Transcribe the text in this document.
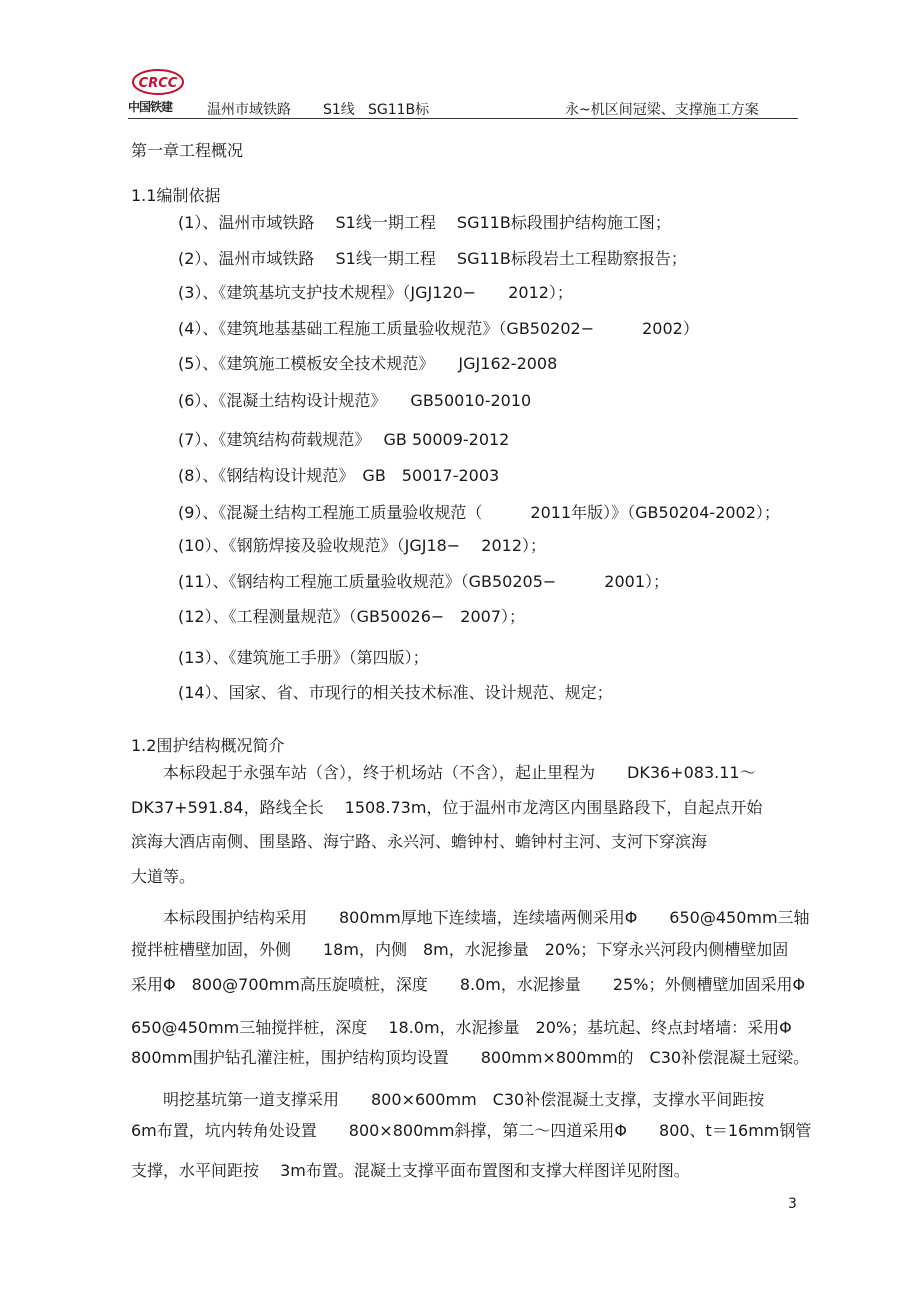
CRCC
中国铁建	温州市域铁路 S1线 SG11B标	永~机区间冠梁、支撑施工方案
第一章工程概况
1.1编制依据
(1）、温州市域铁路　 S1线一期工程　 SG11B标段围护结构施工图；
(2）、温州市域铁路　 S1线一期工程　 SG11B标段岩土工程勘察报告；
(3）、《建筑基坑支护技术规程》（JGJ120−　　2012）；
(4）、《建筑地基基础工程施工质量验收规范》（GB50202−　　　2002）
(5）、《建筑施工模板安全技术规范》　　JGJ162-2008
(6）、《混凝土结构设计规范》　　GB50010-2010
(7）、《建筑结构荷载规范》　 GB 50009-2012
(8）、《钢结构设计规范》　GB　50017-2003
(9）、《混凝土结构工程施工质量验收规范（　　　2011年版）》（GB50204-2002）；
(10）、《钢筋焊接及验收规范》（JGJ18−　 2012）；
(11）、《钢结构工程施工质量验收规范》（GB50205−　　　2001）；
(12）、《工程测量规范》（GB50026−　2007）；
(13）、《建筑施工手册》（第四版）；
(14）、国家、省、市现行的相关技术标准、设计规范、规定；
1.2围护结构概况简介
　　本标段起于永强车站（含），终于机场站（不含），起止里程为　　DK36+083.11～
DK37+591.84，路线全长　 1508.73m，位于温州市龙湾区内围垦路段下，自起点开始
滨海大酒店南侧、围垦路、海宁路、永兴河、蟾钟村、蟾钟村主河、支河下穿滨海
大道等。
　　本标段围护结构采用　　800mm厚地下连续墙，连续墙两侧采用Φ　　650@450mm三轴
搅拌桩槽壁加固，外侧　　18m，内侧　8m，水泥掺量　20%；下穿永兴河段内侧槽壁加固
采用Φ　800@700mm高压旋喷桩，深度　　8.0m，水泥掺量　　25%；外侧槽壁加固采用Φ
650@450mm三轴搅拌桩，深度　 18.0m，水泥掺量　20%；基坑起、终点封堵墙：采用Φ
800mm围护钻孔灌注桩，围护结构顶均设置　　800mm×800mm的　C30补偿混凝土冠梁。
　　明挖基坑第一道支撑采用　　800×600mm　C30补偿混凝土支撑，支撑水平间距按
6m布置，坑内转角处设置　　800×800mm斜撑，第二～四道采用Φ　　800、t＝16mm钢管
支撑，水平间距按　 3m布置。混凝土支撑平面布置图和支撑大样图详见附图。
3
